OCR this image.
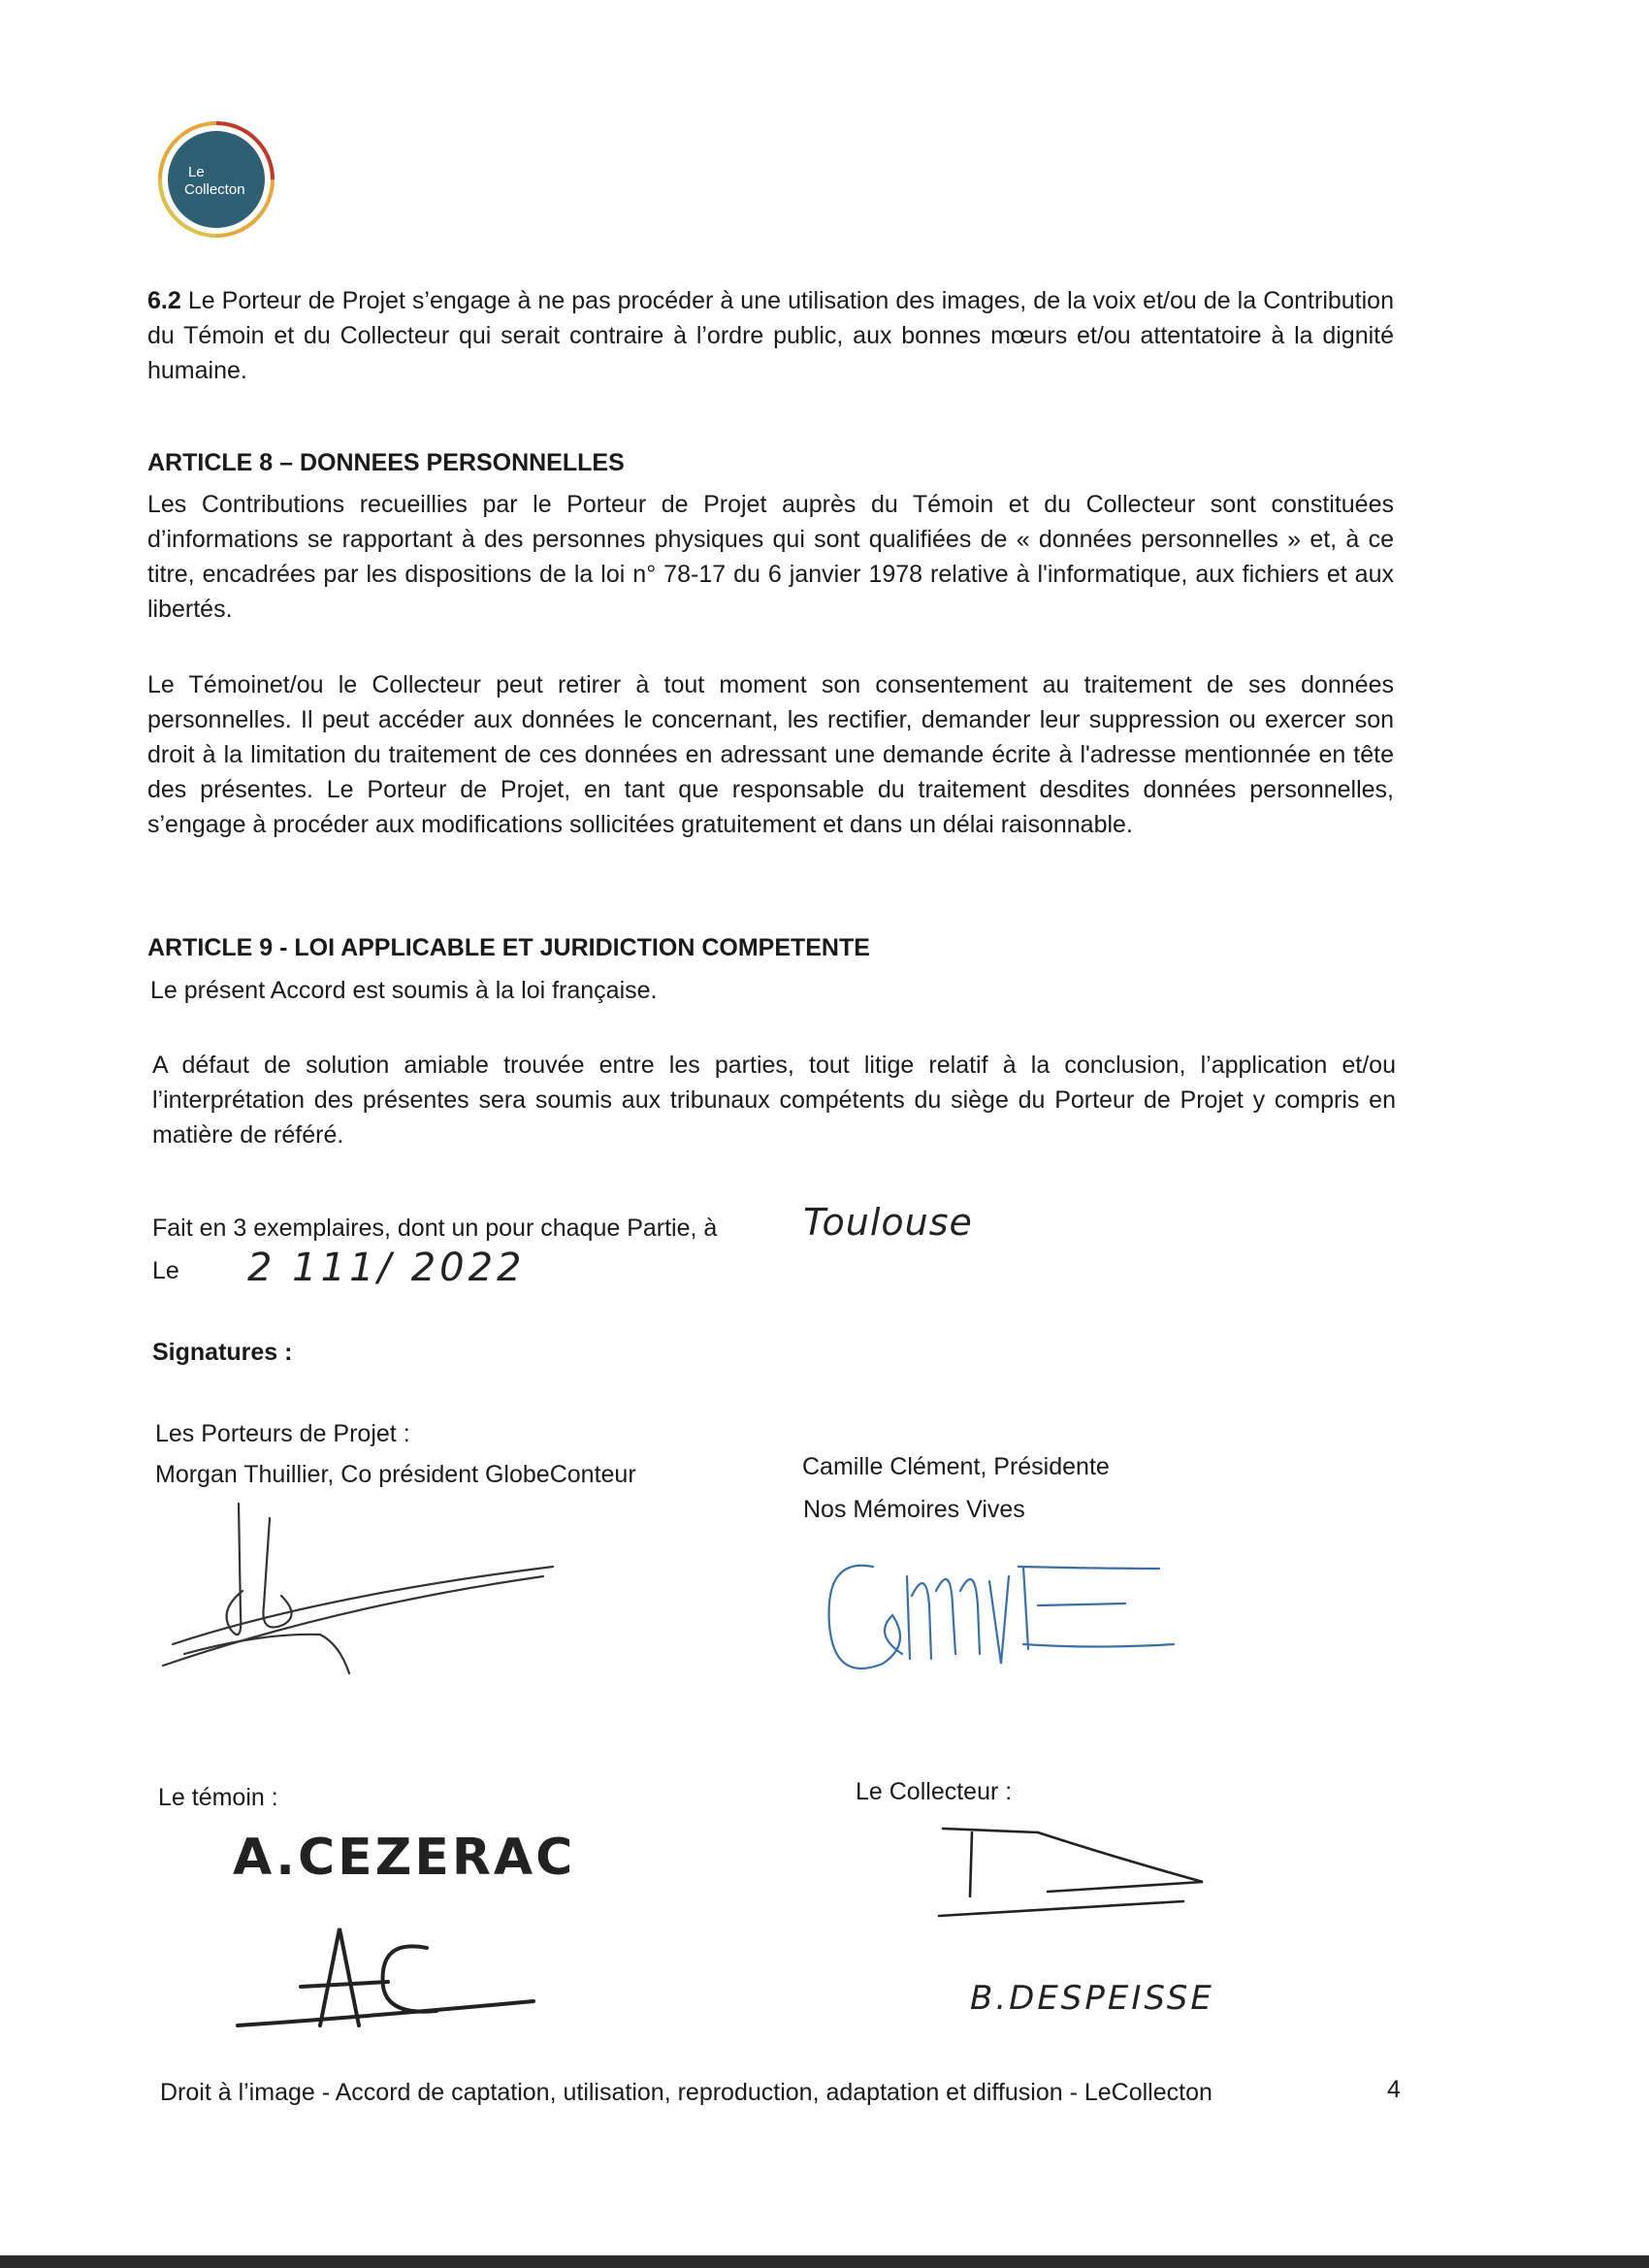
Le
Collecton

6.2 Le Porteur de Projet s’engage à ne pas procéder à une utilisation des images, de la voix et/ou de la Contribution du Témoin et du Collecteur qui serait contraire à l’ordre public, aux bonnes mœurs et/ou attentatoire à la dignité humaine.

ARTICLE 8 – DONNEES PERSONNELLES

Les Contributions recueillies par le Porteur de Projet auprès du Témoin et du Collecteur sont constituées d’informations se rapportant à des personnes physiques qui sont qualifiées de « données personnelles » et, à ce titre, encadrées par les dispositions de la loi n° 78-17 du 6 janvier 1978 relative à l'informatique, aux fichiers et aux libertés.

Le Témoinet/ou le Collecteur peut retirer à tout moment son consentement au traitement de ses données personnelles. Il peut accéder aux données le concernant, les rectifier, demander leur suppression ou exercer son droit à la limitation du traitement de ces données en adressant une demande écrite à l'adresse mentionnée en tête des présentes. Le Porteur de Projet, en tant que responsable du traitement desdites données personnelles, s’engage à procéder aux modifications sollicitées gratuitement et dans un délai raisonnable.

ARTICLE 9 - LOI APPLICABLE ET JURIDICTION COMPETENTE

Le présent Accord est soumis à la loi française.

A défaut de solution amiable trouvée entre les parties, tout litige relatif à la conclusion, l’application et/ou l’interprétation des présentes sera soumis aux tribunaux compétents du siège du Porteur de Projet y compris en matière de référé.

Fait en 3 exemplaires, dont un pour chaque Partie, à Toulouse

Le 2 111/ 2022

Signatures :

Les Porteurs de Projet :

Morgan Thuillier, Co président GlobeConteur	Camille Clément, Présidente

Nos Mémoires Vives

Le témoin :

A.CEZERAC

Le Collecteur :

B.DESPEISSE
Droit à l’image - Accord de captation, utilisation, reproduction, adaptation et diffusion - LeCollecton	4
